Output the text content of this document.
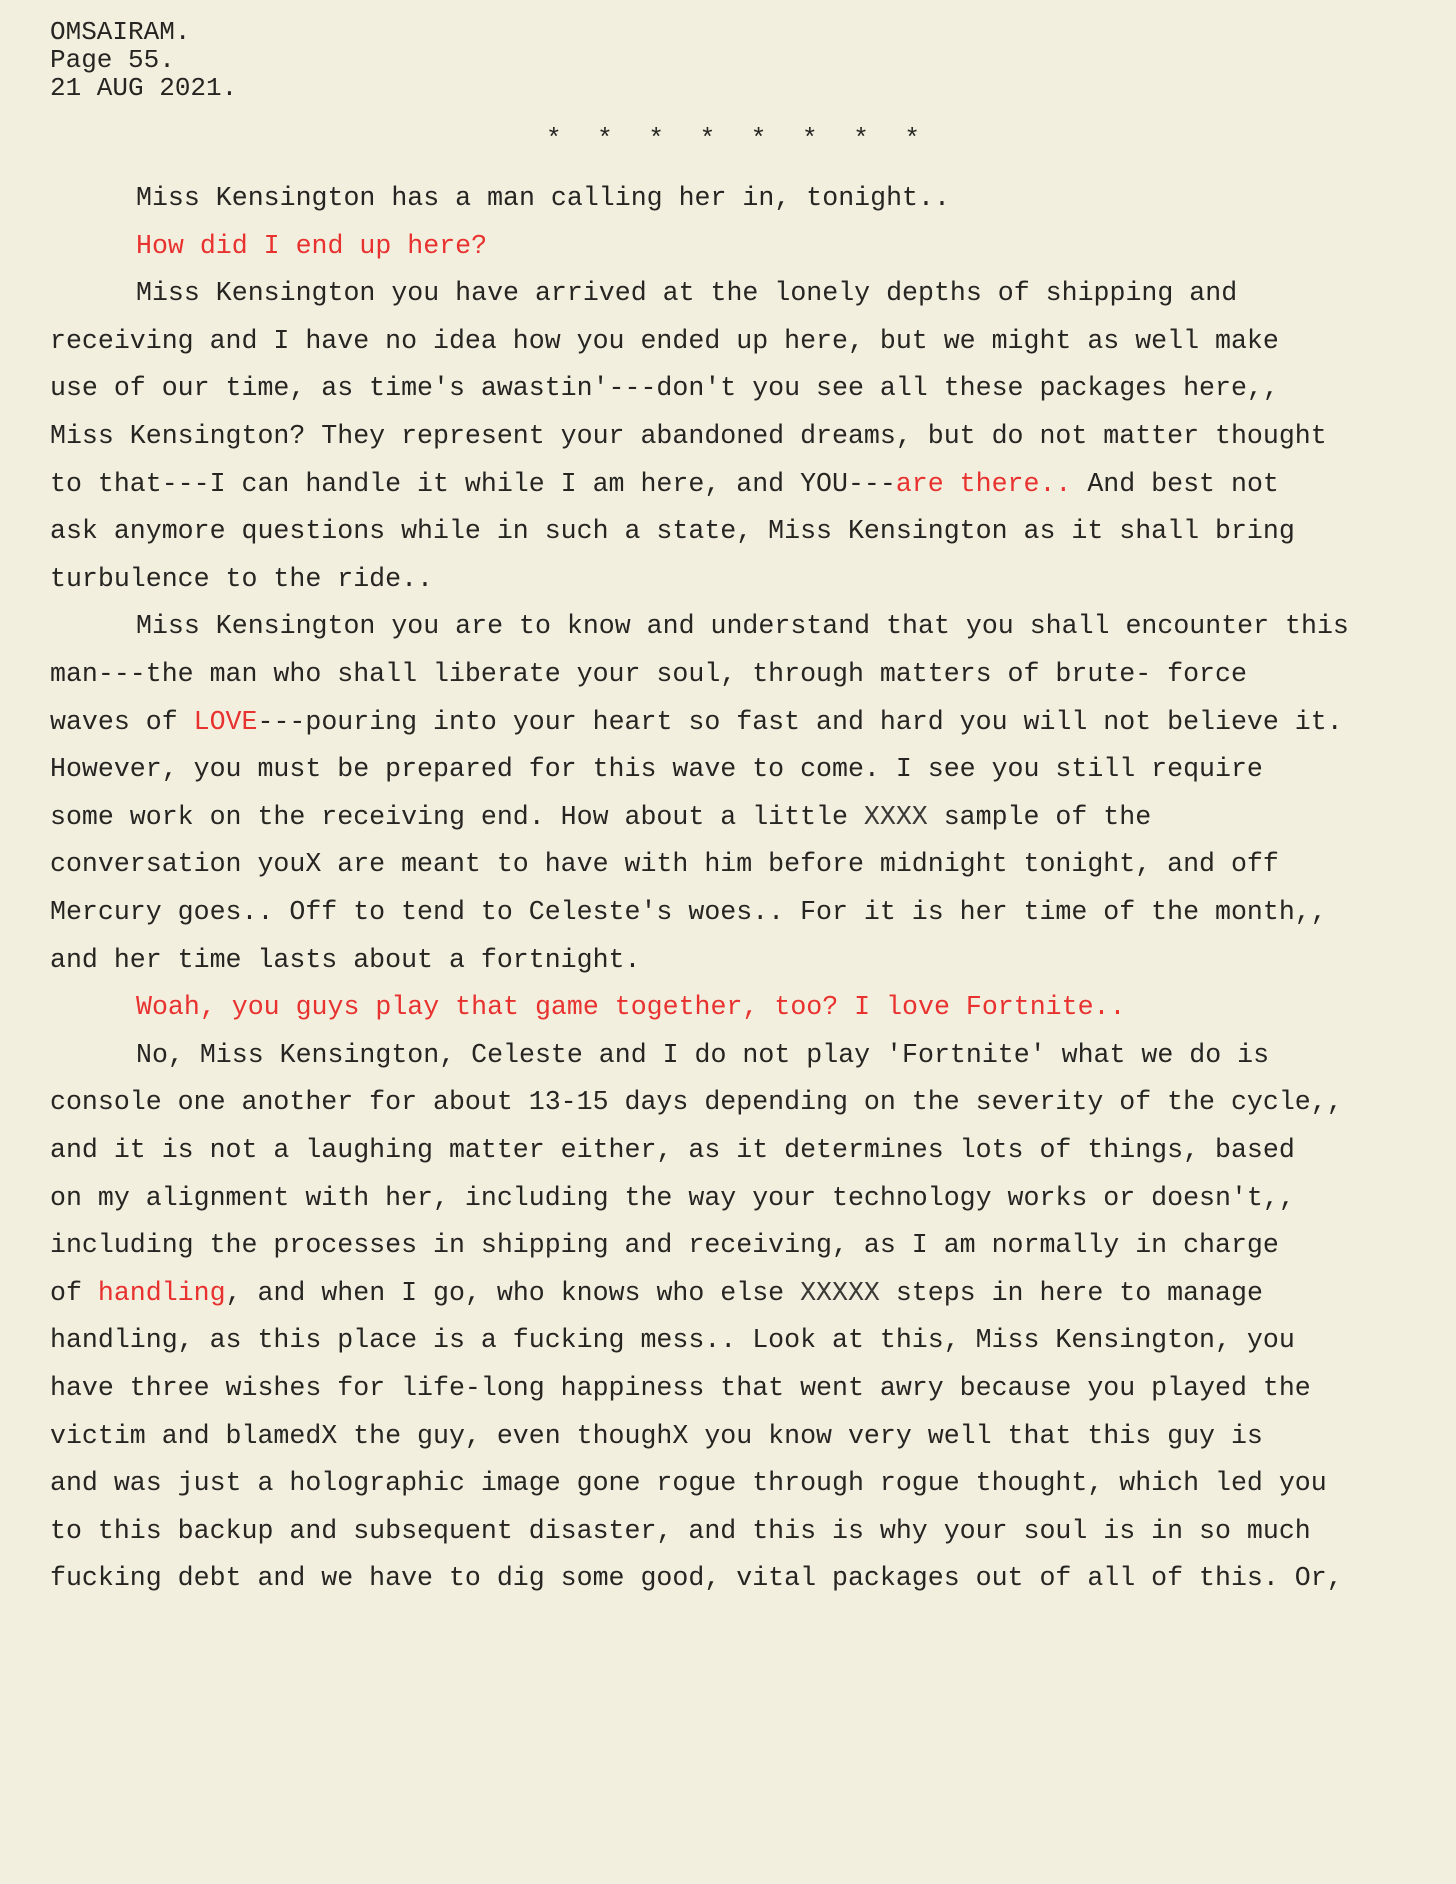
OMSAIRAM.
Page 55.
21 AUG 2021.
* * * * * * * *
Miss Kensington has a man calling her in, tonight..
How did I end up here?
Miss Kensington you have arrived at the lonely depths of shipping and
receiving and I have no idea how you ended up here, but we might as well make
use of our time, as time's awastin'---don't you see all these packages here,,
Miss Kensington? They represent your abandoned dreams, but do not matter thought
to that---I can handle it while I am here, and YOU---are there.. And best not
ask anymore questions while in such a state, Miss Kensington as it shall bring
turbulence to the ride..
Miss Kensington you are to know and understand that you shall encounter this
man---the man who shall liberate your soul, through matters of brute- force
waves of LOVE---pouring into your heart so fast and hard you will not believe it.
However, you must be prepared for this wave to come. I see you still require
some work on the receiving end. How about a little XXXX sample of the
conversation youX are meant to have with him before midnight tonight, and off
Mercury goes.. Off to tend to Celeste's woes.. For it is her time of the month,,
and her time lasts about a fortnight.
Woah, you guys play that game together, too? I love Fortnite..
No, Miss Kensington, Celeste and I do not play 'Fortnite' what we do is
console one another for about 13-15 days depending on the severity of the cycle,,
and it is not a laughing matter either, as it determines lots of things, based
on my alignment with her, including the way your technology works or doesn't,,
including the processes in shipping and receiving, as I am normally in charge
of handling, and when I go, who knows who else XXXXX steps in here to manage
handling, as this place is a fucking mess.. Look at this, Miss Kensington, you
have three wishes for life-long happiness that went awry because you played the
victim and blamedX the guy, even thoughX you know very well that this guy is
and was just a holographic image gone rogue through rogue thought, which led you
to this backup and subsequent disaster, and this is why your soul is in so much
fucking debt and we have to dig some good, vital packages out of all of this. Or,
